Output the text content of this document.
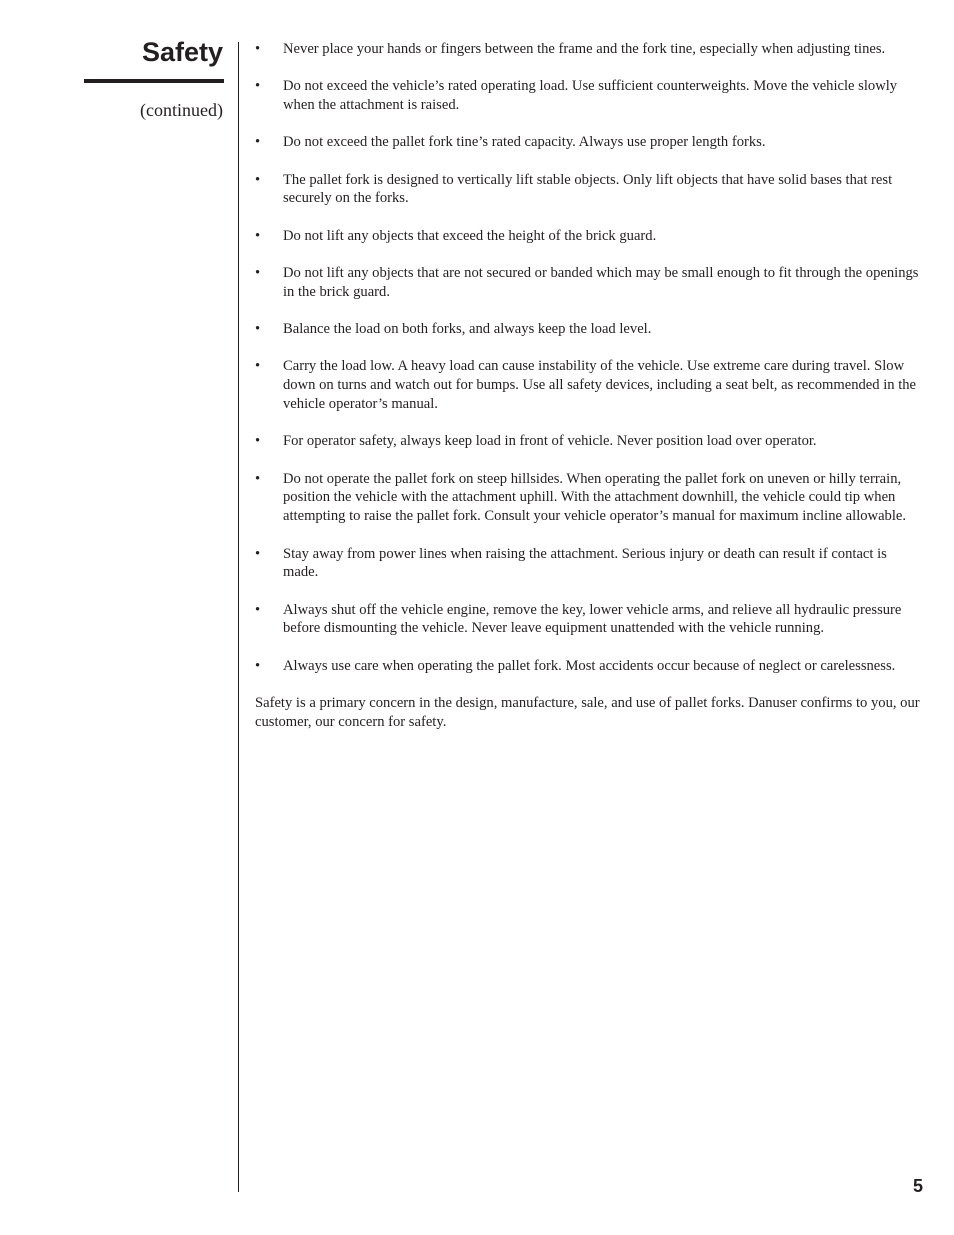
Safety
(continued)
• Never place your hands or fingers between the frame and the fork tine, especially when adjusting tines.
• Do not exceed the vehicle’s rated operating load. Use sufficient counterweights. Move the vehicle slowly when the attachment is raised.
• Do not exceed the pallet fork tine’s rated capacity. Always use proper length forks.
• The pallet fork is designed to vertically lift stable objects. Only lift objects that have solid bases that rest securely on the forks.
• Do not lift any objects that exceed the height of the brick guard.
• Do not lift any objects that are not secured or banded which may be small enough to fit through the openings in the brick guard.
• Balance the load on both forks, and always keep the load level.
• Carry the load low. A heavy load can cause instability of the vehicle. Use extreme care during travel. Slow down on turns and watch out for bumps. Use all safety devices, including a seat belt, as recommended in the vehicle operator’s manual.
• For operator safety, always keep load in front of vehicle. Never position load over operator.
• Do not operate the pallet fork on steep hillsides. When operating the pallet fork on uneven or hilly terrain, position the vehicle with the attachment uphill. With the attachment downhill, the vehicle could tip when attempting to raise the pallet fork. Consult your vehicle operator’s manual for maximum incline allowable.
• Stay away from power lines when raising the attachment. Serious injury or death can result if contact is made.
• Always shut off the vehicle engine, remove the key, lower vehicle arms, and relieve all hydraulic pressure before dismounting the vehicle. Never leave equipment unattended with the vehicle running.
• Always use care when operating the pallet fork. Most accidents occur because of neglect or carelessness.

Safety is a primary concern in the design, manufacture, sale, and use of pallet forks. Danuser confirms to you, our customer, our concern for safety.

5
